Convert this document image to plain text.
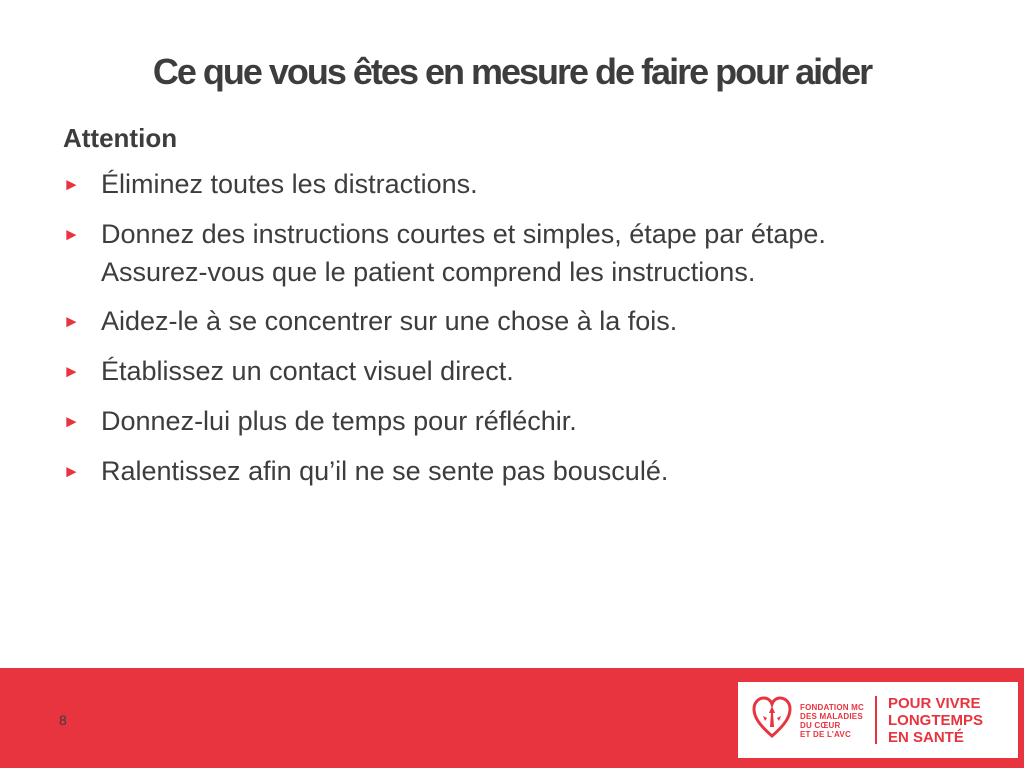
Ce que vous êtes en mesure de faire pour aider
Attention
► Éliminez toutes les distractions.
► Donnez des instructions courtes et simples, étape par étape. Assurez-vous que le patient comprend les instructions.
► Aidez-le à se concentrer sur une chose à la fois.
► Établissez un contact visuel direct.
► Donnez-lui plus de temps pour réfléchir.
► Ralentissez afin qu’il ne se sente pas bousculé.
8
FONDATION MC
DES MALADIES
DU CŒUR
ET DE L’AVC
POUR VIVRE
LONGTEMPS
EN SANTÉ
